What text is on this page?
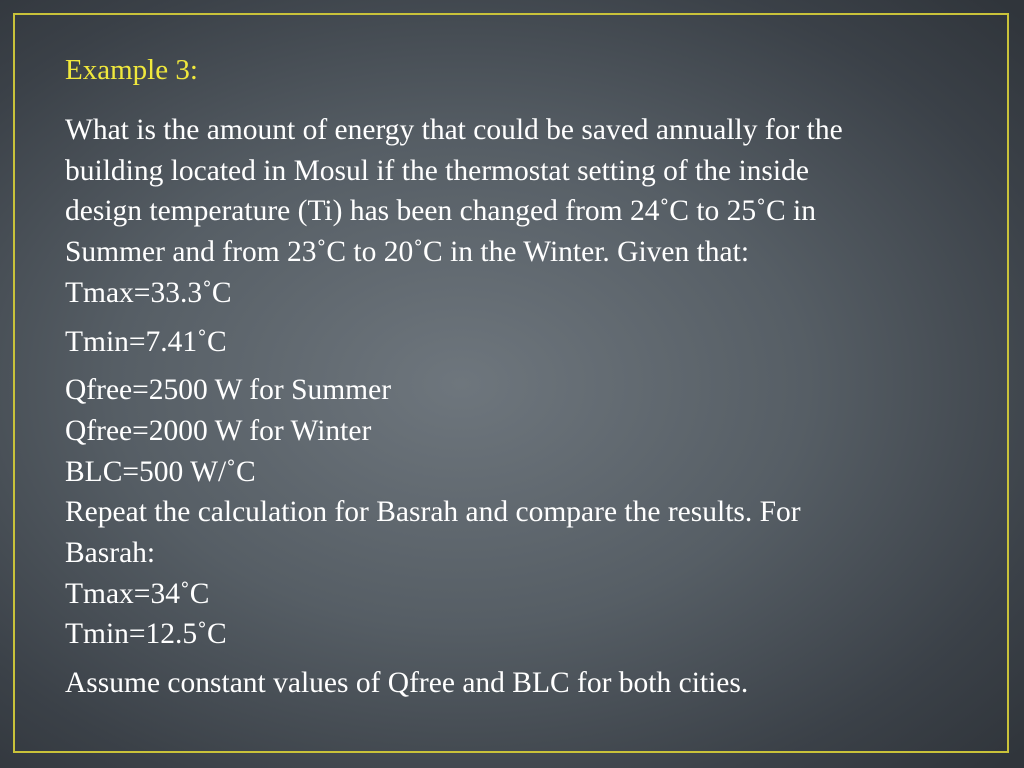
Example 3:

What is the amount of energy that could be saved annually for the
building located in Mosul if the thermostat setting of the inside
design temperature (Ti) has been changed from 24˚C to 25˚C in
Summer and from 23˚C to 20˚C in the Winter. Given that:
Tmax=33.3˚C

Tmin=7.41˚C

Qfree=2500 W for Summer
Qfree=2000 W for Winter
BLC=500 W/˚C
Repeat the calculation for Basrah and compare the results. For
Basrah:
Tmax=34˚C
Tmin=12.5˚C

Assume constant values of Qfree and BLC for both cities.
